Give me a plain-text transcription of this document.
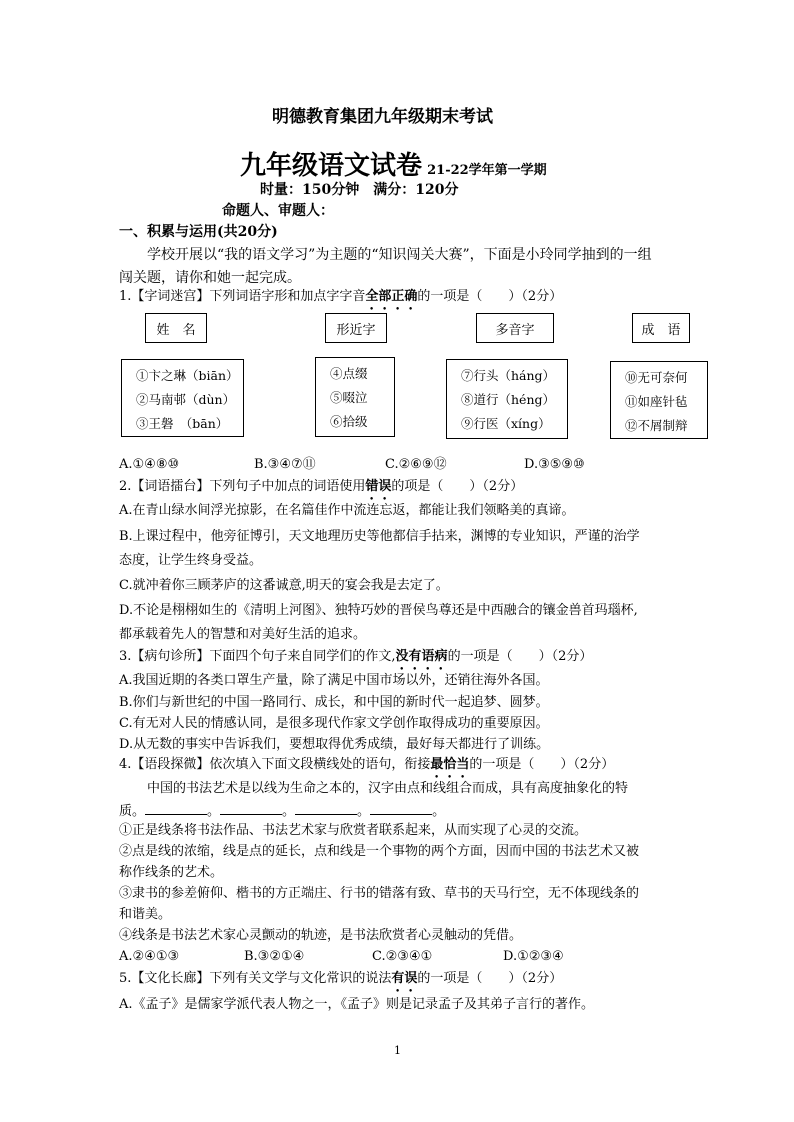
明德教育集团九年级期末考试
九年级语文试卷 21-22学年第一学期
时量：150分钟　满分：120分
命题人、审题人：
一、积累与运用(共20分)
学校开展以“我的语文学习”为主题的“知识闯关大赛”，下面是小玲同学抽到的一组
闯关题，请你和她一起完成。
1.【字词迷宫】下列词语字形和加点字字音全部正确的一项是（　　）（2分）
姓　名	形近字	多音字	成　语
①卞之琳（biān）
②马南邨（dùn）
③王磐　（bān）
④点缀
⑤啜泣
⑥拾级
⑦行头（háng）
⑧道行（héng）
⑨行医（xíng）
⑩无可奈何
⑪如座针毡
⑫不屑制辩
A.①④⑧⑩	B.③④⑦⑪	C.②⑥⑨⑫	D.③⑤⑨⑩
2.【词语擂台】下列句子中加点的词语使用错误的项是（　　）（2分）
A.在青山绿水间浮光掠影，在名篇佳作中流连忘返，都能让我们领略美的真谛。
B.上课过程中，他旁征博引，天文地理历史等他都信手拈来，渊博的专业知识，严谨的治学
态度，让学生终身受益。
C.就冲着你三顾茅庐的这番诚意,明天的宴会我是去定了。
D.不论是栩栩如生的《清明上河图》、独特巧妙的晋侯鸟尊还是中西融合的镶金兽首玛瑙杯,
都承载着先人的智慧和对美好生活的追求。
3.【病句诊所】下面四个句子来自同学们的作文,没有语病的一项是（　　）（2分）
A.我国近期的各类口罩生产量，除了满足中国市场以外，还销往海外各国。
B.你们与新世纪的中国一路同行、成长，和中国的新时代一起追梦、圆梦。
C.有无对人民的情感认同，是很多现代作家文学创作取得成功的重要原因。
D.从无数的事实中告诉我们，要想取得优秀成绩，最好每天都进行了训练。
4.【语段探微】依次填入下面文段横线处的语句，衔接最恰当的一项是（　　）（2分）
中国的书法艺术是以线为生命之本的，汉字由点和线组合而成，具有高度抽象化的特
质。	。	。	。	。
①正是线条将书法作品、书法艺术家与欣赏者联系起来，从而实现了心灵的交流。
②点是线的浓缩，线是点的延长，点和线是一个事物的两个方面，因而中国的书法艺术又被
称作线条的艺术。
③隶书的参差俯仰、楷书的方正端庄、行书的错落有致、草书的天马行空，无不体现线条的
和谐美。
④线条是书法艺术家心灵颤动的轨迹，是书法欣赏者心灵触动的凭借。
A.②④①③	B.③②①④	C.②③④①	D.①②③④
5.【文化长廊】下列有关文学与文化常识的说法有误的一项是（　　）（2分）
A.《孟子》是儒家学派代表人物之一，《孟子》则是记录孟子及其弟子言行的著作。
1
